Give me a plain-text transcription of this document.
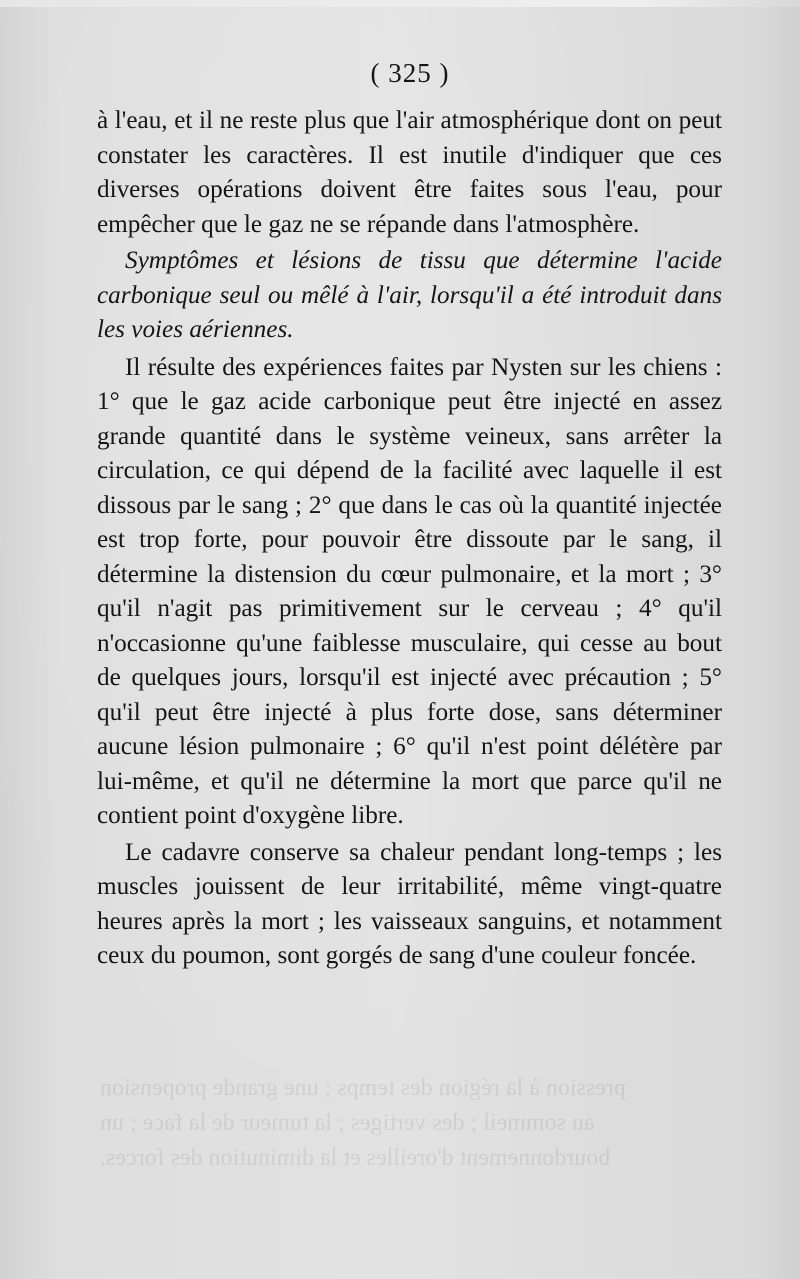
pression à la région des temps ; une grande propension
au sommeil ; des vertiges ; la tumeur de la face ; un
bourdonnement d'oreilles et la diminution des forces.
( 325 )

à l'eau, et il ne reste plus que l'air atmosphérique dont on peut constater les caractères. Il est inutile d'indiquer que ces diverses opérations doivent être faites sous l'eau, pour empêcher que le gaz ne se répande dans l'atmosphère.

Symptômes et lésions de tissu que détermine l'acide carbonique seul ou mêlé à l'air, lorsqu'il a été introduit dans les voies aériennes.

Il résulte des expériences faites par Nysten sur les chiens : 1° que le gaz acide carbonique peut être injecté en assez grande quantité dans le système veineux, sans arrêter la circulation, ce qui dépend de la facilité avec laquelle il est dissous par le sang ; 2° que dans le cas où la quantité injectée est trop forte, pour pouvoir être dissoute par le sang, il détermine la distension du cœur pulmonaire, et la mort ; 3° qu'il n'agit pas primitivement sur le cerveau ; 4° qu'il n'occasionne qu'une faiblesse musculaire, qui cesse au bout de quelques jours, lorsqu'il est injecté avec précaution ; 5° qu'il peut être injecté à plus forte dose, sans déterminer aucune lésion pulmonaire ; 6° qu'il n'est point délétère par lui-même, et qu'il ne détermine la mort que parce qu'il ne contient point d'oxygène libre.

Le cadavre conserve sa chaleur pendant long-temps ; les muscles jouissent de leur irritabilité, même vingt-quatre heures après la mort ; les vaisseaux sanguins, et notamment ceux du poumon, sont gorgés de sang d'une couleur foncée.
